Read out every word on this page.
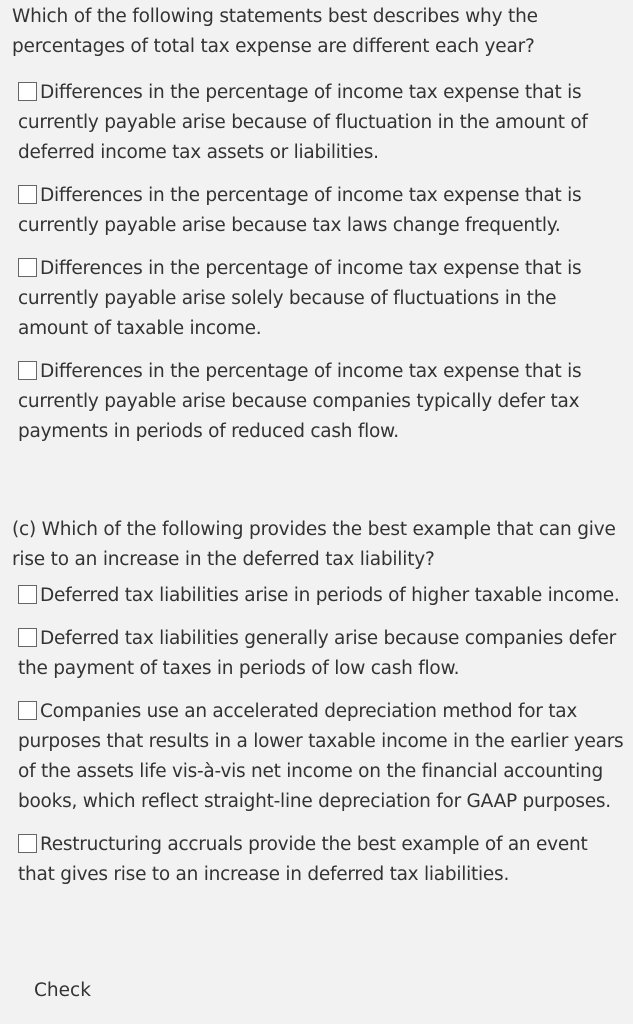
Which of the following statements best describes why the percentages of total tax expense are different each year?

Differences in the percentage of income tax expense that is currently payable arise because of fluctuation in the amount of deferred income tax assets or liabilities.
Differences in the percentage of income tax expense that is currently payable arise because tax laws change frequently.
Differences in the percentage of income tax expense that is currently payable arise solely because of fluctuations in the amount of taxable income.
Differences in the percentage of income tax expense that is currently payable arise because companies typically defer tax payments in periods of reduced cash flow.

(c) Which of the following provides the best example that can give rise to an increase in the deferred tax liability?

Deferred tax liabilities arise in periods of higher taxable income.
Deferred tax liabilities generally arise because companies defer the payment of taxes in periods of low cash flow.
Companies use an accelerated depreciation method for tax purposes that results in a lower taxable income in the earlier years of the assets life vis-à-vis net income on the financial accounting books, which reflect straight-line depreciation for GAAP purposes.
Restructuring accruals provide the best example of an event that gives rise to an increase in deferred tax liabilities.
Check
